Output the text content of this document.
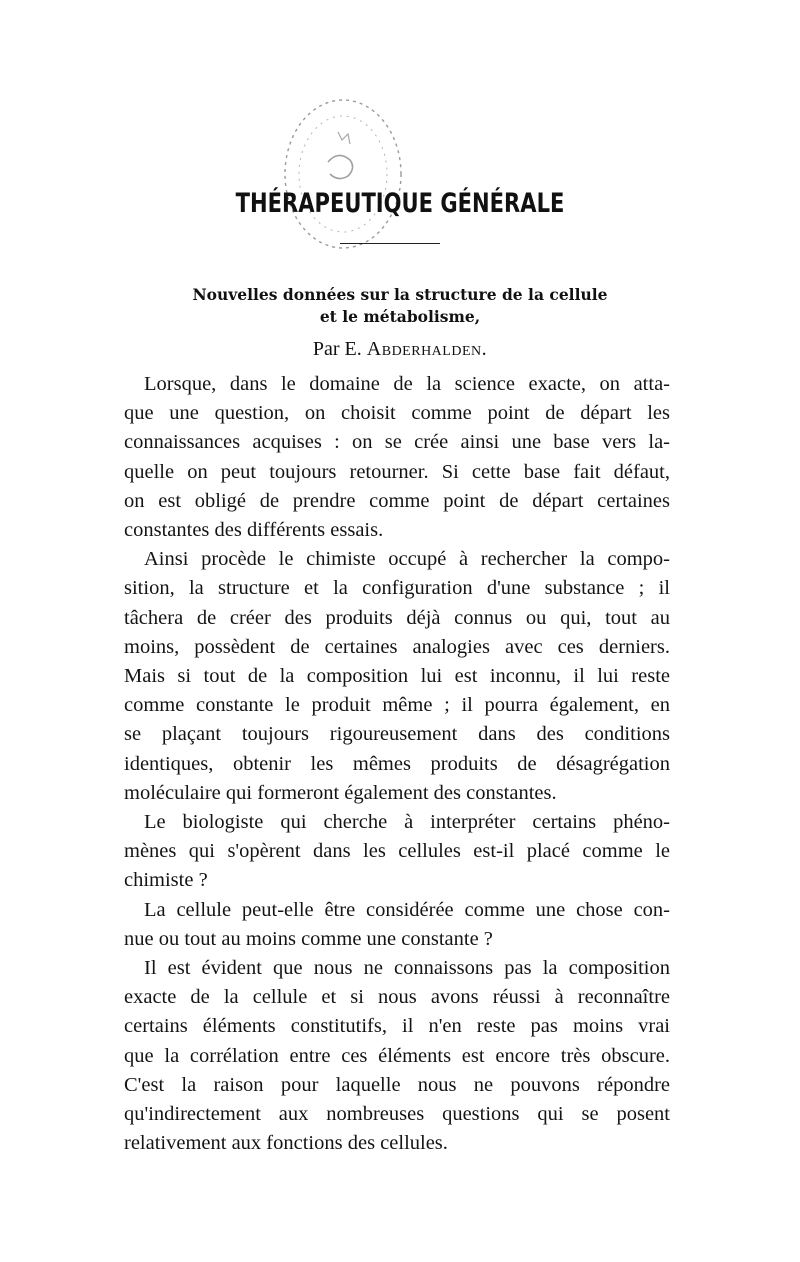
THÉRAPEUTIQUE GÉNÉRALE
Nouvelles données sur la structure de la cellule
et le métabolisme,
Par E. Abderhalden.

Lorsque, dans le domaine de la science exacte, on atta-
que une question, on choisit comme point de départ les
connaissances acquises : on se crée ainsi une base vers la-
quelle on peut toujours retourner. Si cette base fait défaut,
on est obligé de prendre comme point de départ certaines
constantes des différents essais.

Ainsi procède le chimiste occupé à rechercher la compo-
sition, la structure et la configuration d'une substance ; il
tâchera de créer des produits déjà connus ou qui, tout au
moins, possèdent de certaines analogies avec ces derniers.
Mais si tout de la composition lui est inconnu, il lui reste
comme constante le produit même ; il pourra également, en
se plaçant toujours rigoureusement dans des conditions
identiques, obtenir les mêmes produits de désagrégation
moléculaire qui formeront également des constantes.

Le biologiste qui cherche à interpréter certains phéno-
mènes qui s'opèrent dans les cellules est-il placé comme le
chimiste ?

La cellule peut-elle être considérée comme une chose con-
nue ou tout au moins comme une constante ?

Il est évident que nous ne connaissons pas la composition
exacte de la cellule et si nous avons réussi à reconnaître
certains éléments constitutifs, il n'en reste pas moins vrai
que la corrélation entre ces éléments est encore très obscure.
C'est la raison pour laquelle nous ne pouvons répondre
qu'indirectement aux nombreuses questions qui se posent
relativement aux fonctions des cellules.
